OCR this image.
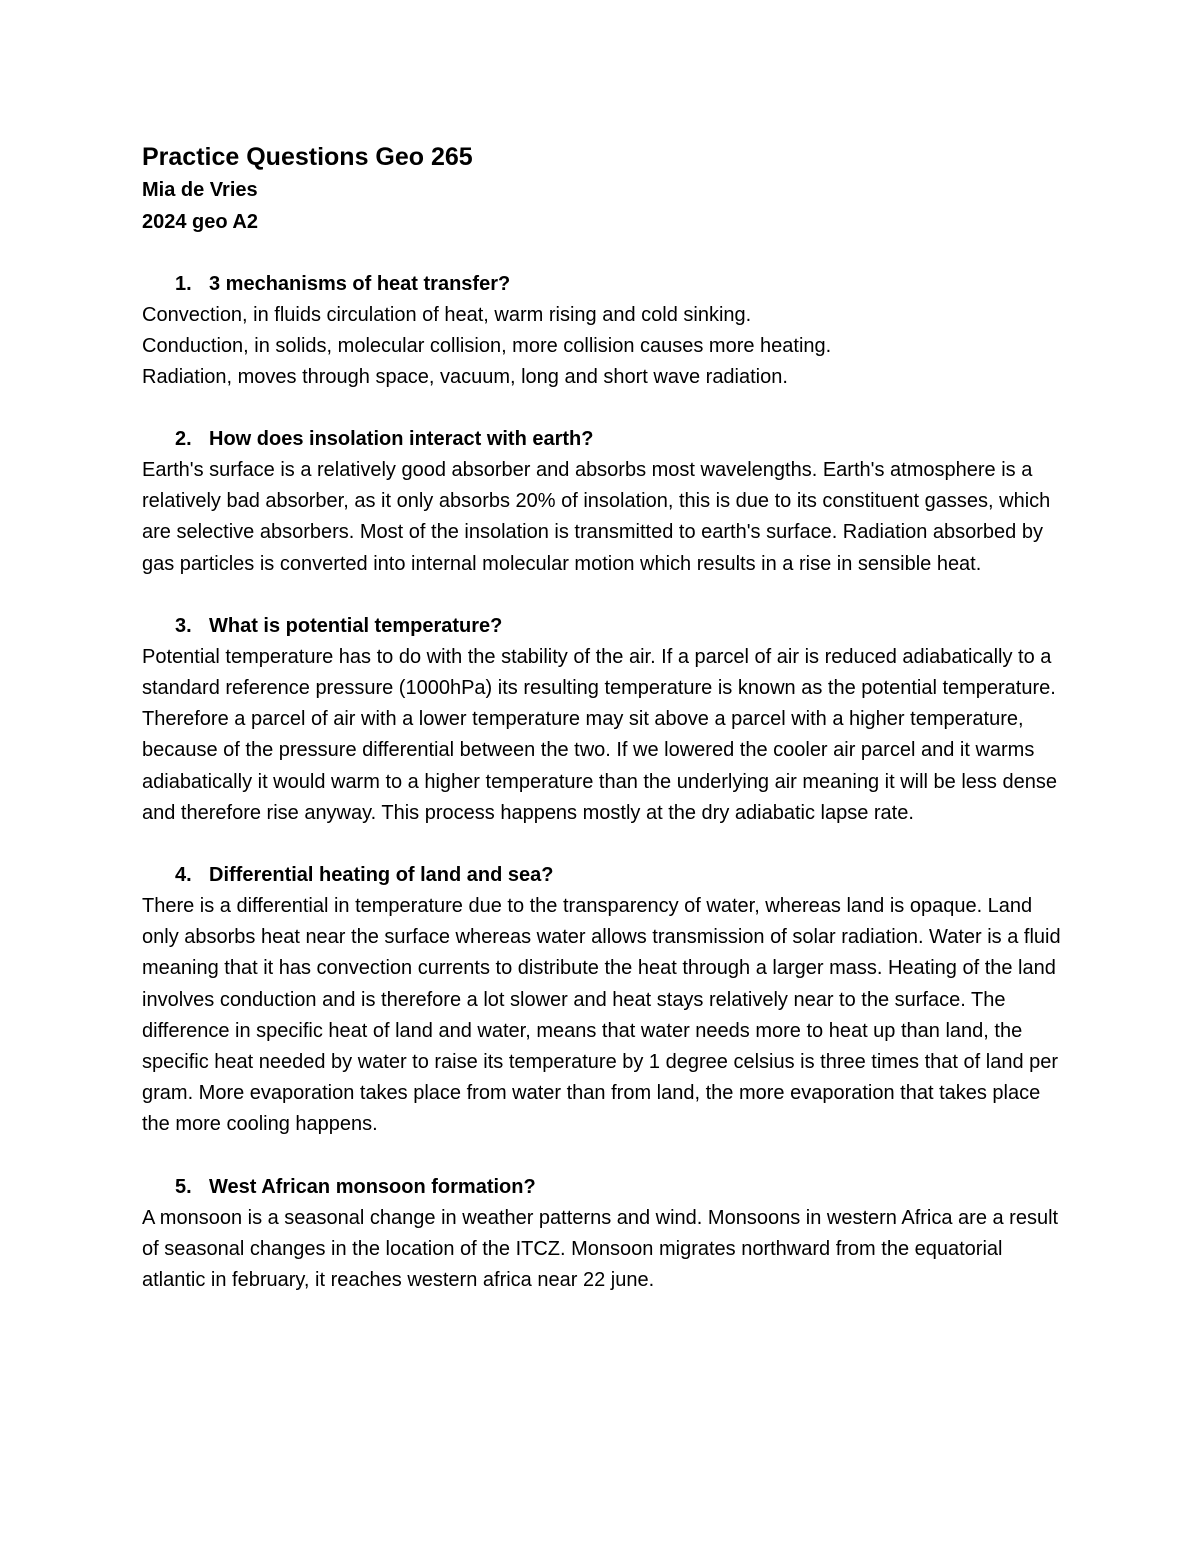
Practice Questions Geo 265

Mia de Vries

2024 geo A2

1. 3 mechanisms of heat transfer?

Convection, in fluids circulation of heat, warm rising and cold sinking.

Conduction, in solids, molecular collision, more collision causes more heating.

Radiation, moves through space, vacuum, long and short wave radiation.

2. How does insolation interact with earth?

Earth's surface is a relatively good absorber and absorbs most wavelengths. Earth's atmosphere is a relatively bad absorber, as it only absorbs 20% of insolation, this is due to its constituent gasses, which are selective absorbers. Most of the insolation is transmitted to earth's surface. Radiation absorbed by gas particles is converted into internal molecular motion which results in a rise in sensible heat.

3. What is potential temperature?

Potential temperature has to do with the stability of the air. If a parcel of air is reduced adiabatically to a standard reference pressure (1000hPa) its resulting temperature is known as the potential temperature. Therefore a parcel of air with a lower temperature may sit above a parcel with a higher temperature, because of the pressure differential between the two. If we lowered the cooler air parcel and it warms adiabatically it would warm to a higher temperature than the underlying air meaning it will be less dense and therefore rise anyway. This process happens mostly at the dry adiabatic lapse rate.

4. Differential heating of land and sea?

There is a differential in temperature due to the transparency of water, whereas land is opaque. Land only absorbs heat near the surface whereas water allows transmission of solar radiation. Water is a fluid meaning that it has convection currents to distribute the heat through a larger mass. Heating of the land involves conduction and is therefore a lot slower and heat stays relatively near to the surface. The difference in specific heat of land and water, means that water needs more to heat up than land, the specific heat needed by water to raise its temperature by 1 degree celsius is three times that of land per gram. More evaporation takes place from water than from land, the more evaporation that takes place the more cooling happens.

5. West African monsoon formation?

A monsoon is a seasonal change in weather patterns and wind. Monsoons in western Africa are a result of seasonal changes in the location of the ITCZ. Monsoon migrates northward from the equatorial atlantic in february, it reaches western africa near 22 june.
